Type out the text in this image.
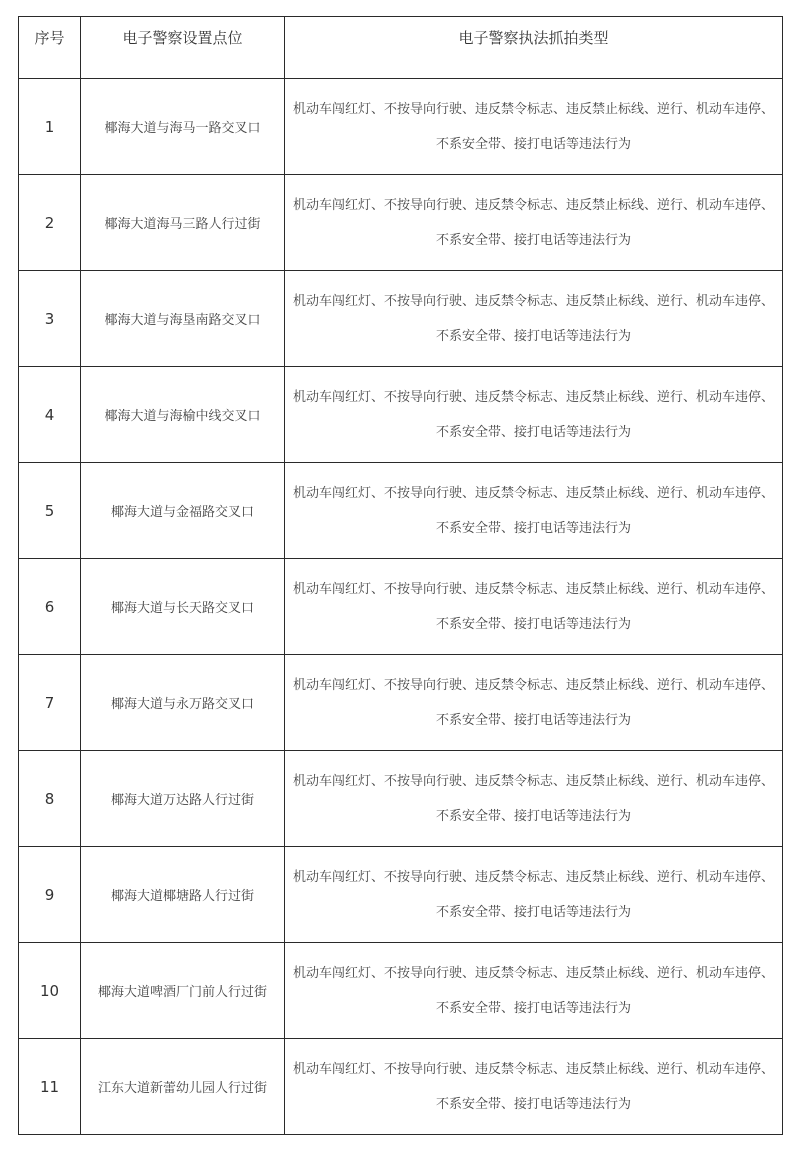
序号	电子警察设置点位	电子警察执法抓拍类型
1	椰海大道与海马一路交叉口	机动车闯红灯、不按导向行驶、违反禁令标志、违反禁止标线、逆行、机动车违停、
不系安全带、接打电话等违法行为

2	椰海大道海马三路人行过街	机动车闯红灯、不按导向行驶、违反禁令标志、违反禁止标线、逆行、机动车违停、
不系安全带、接打电话等违法行为

3	椰海大道与海垦南路交叉口	机动车闯红灯、不按导向行驶、违反禁令标志、违反禁止标线、逆行、机动车违停、
不系安全带、接打电话等违法行为

4	椰海大道与海榆中线交叉口	机动车闯红灯、不按导向行驶、违反禁令标志、违反禁止标线、逆行、机动车违停、
不系安全带、接打电话等违法行为

5	椰海大道与金福路交叉口	机动车闯红灯、不按导向行驶、违反禁令标志、违反禁止标线、逆行、机动车违停、
不系安全带、接打电话等违法行为

6	椰海大道与长天路交叉口	机动车闯红灯、不按导向行驶、违反禁令标志、违反禁止标线、逆行、机动车违停、
不系安全带、接打电话等违法行为

7	椰海大道与永万路交叉口	机动车闯红灯、不按导向行驶、违反禁令标志、违反禁止标线、逆行、机动车违停、
不系安全带、接打电话等违法行为

8	椰海大道万达路人行过街	机动车闯红灯、不按导向行驶、违反禁令标志、违反禁止标线、逆行、机动车违停、
不系安全带、接打电话等违法行为

9	椰海大道椰塘路人行过街	机动车闯红灯、不按导向行驶、违反禁令标志、违反禁止标线、逆行、机动车违停、
不系安全带、接打电话等违法行为

10	椰海大道啤酒厂门前人行过街	机动车闯红灯、不按导向行驶、违反禁令标志、违反禁止标线、逆行、机动车违停、
不系安全带、接打电话等违法行为

11	江东大道新蕾幼儿园人行过街	机动车闯红灯、不按导向行驶、违反禁令标志、违反禁止标线、逆行、机动车违停、
不系安全带、接打电话等违法行为
